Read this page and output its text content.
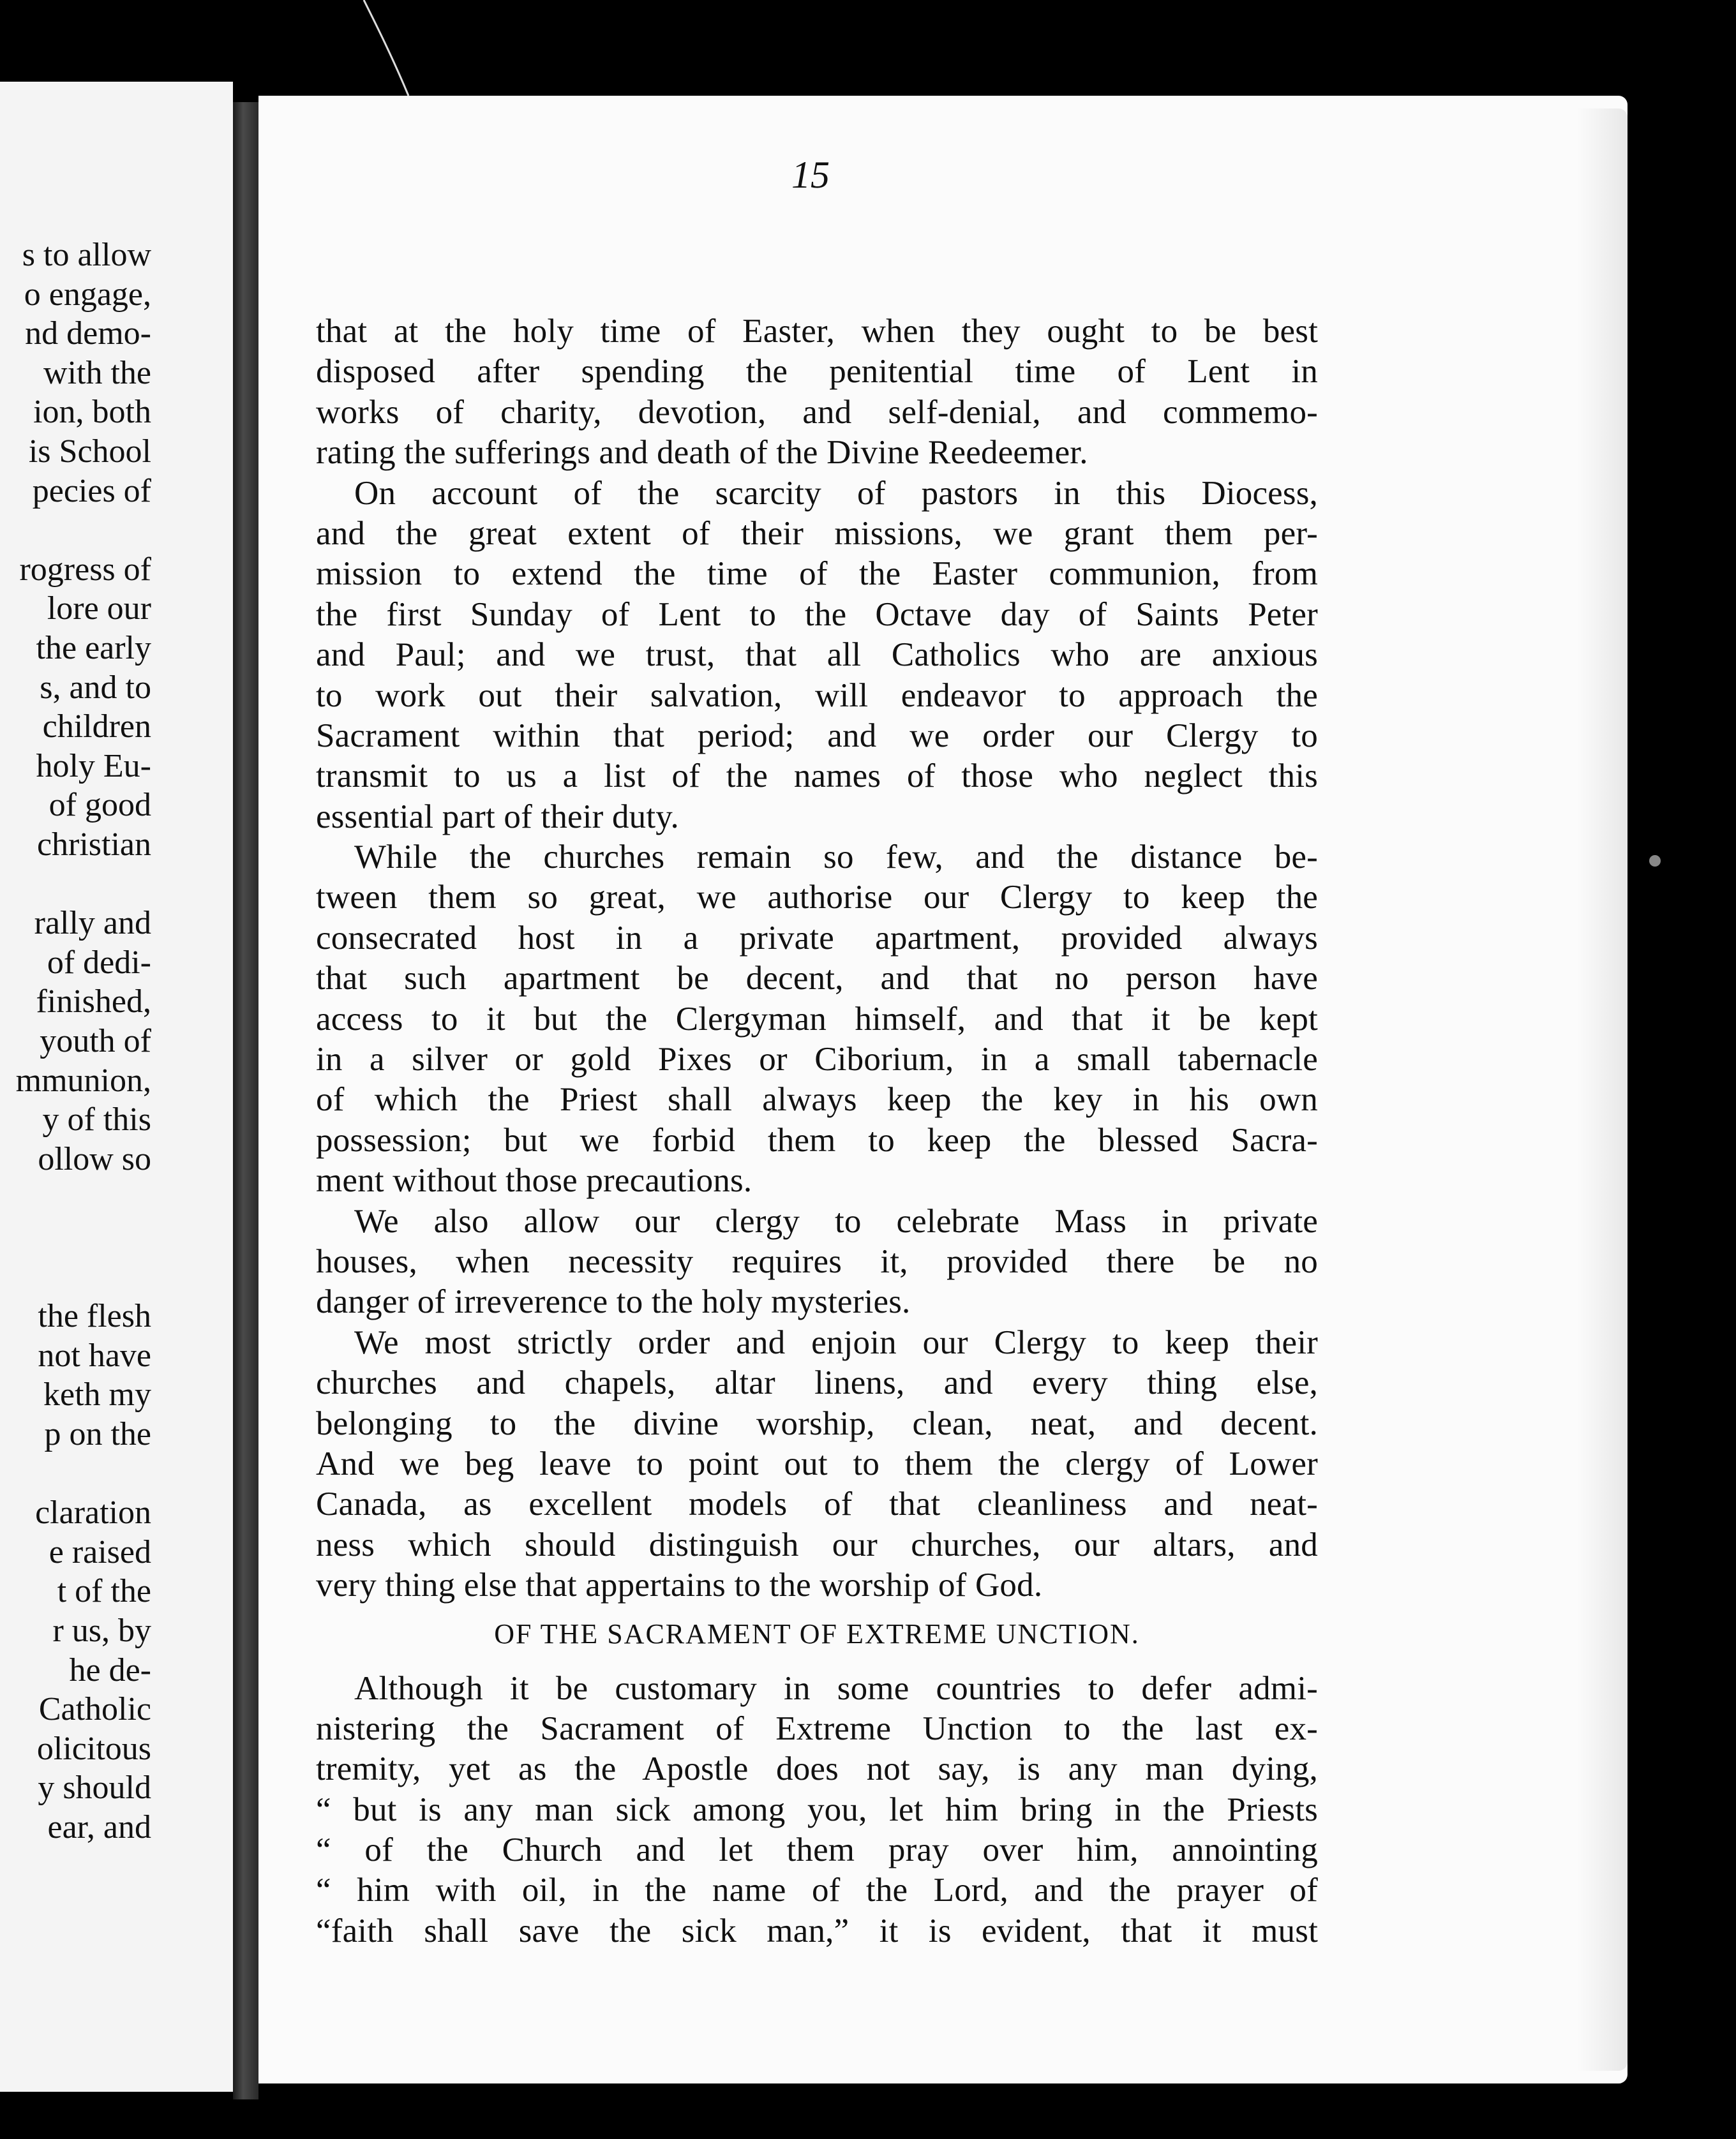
s to allow
o engage,
nd demo-
with the
ion, both
is School
pecies of
rogress of
lore our
the early
s, and to
children
holy Eu-
of good
christian
rally and
of dedi-
finished,
youth of
mmunion,
y of this
ollow so
the flesh
not have
keth my
p on the
claration
e raised
t of the
r us, by
he de-
Catholic
olicitous
y should
ear, and
15
that at the holy time of Easter, when they ought to be best
disposed after spending the penitential time of Lent in
works of charity, devotion, and self-denial, and commemo-
rating the sufferings and death of the Divine Reedeemer.
On account of the scarcity of pastors in this Diocess,
and the great extent of their missions, we grant them per-
mission to extend the time of the Easter communion, from
the first Sunday of Lent to the Octave day of Saints Peter
and Paul; and we trust, that all Catholics who are anxious
to work out their salvation, will endeavor to approach the
Sacrament within that period; and we order our Clergy to
transmit to us a list of the names of those who neglect this
essential part of their duty.
While the churches remain so few, and the distance be-
tween them so great, we authorise our Clergy to keep the
consecrated host in a private apartment, provided always
that such apartment be decent, and that no person have
access to it but the Clergyman himself, and that it be kept
in a silver or gold Pixes or Ciborium, in a small tabernacle
of which the Priest shall always keep the key in his own
possession; but we forbid them to keep the blessed Sacra-
ment without those precautions.
We also allow our clergy to celebrate Mass in private
houses, when necessity requires it, provided there be no
danger of irreverence to the holy mysteries.
We most strictly order and enjoin our Clergy to keep their
churches and chapels, altar linens, and every thing else,
belonging to the divine worship, clean, neat, and decent.
And we beg leave to point out to them the clergy of Lower
Canada, as excellent models of that cleanliness and neat-
ness which should distinguish our churches, our altars, and
very thing else that appertains to the worship of God.
OF THE SACRAMENT OF EXTREME UNCTION.
Although it be customary in some countries to defer admi-
nistering the Sacrament of Extreme Unction to the last ex-
tremity, yet as the Apostle does not say, is any man dying,
“ but is any man sick among you, let him bring in the Priests
“ of the Church and let them pray over him, annointing
“ him with oil, in the name of the Lord, and the prayer of
“faith shall save the sick man,” it is evident, that it must
